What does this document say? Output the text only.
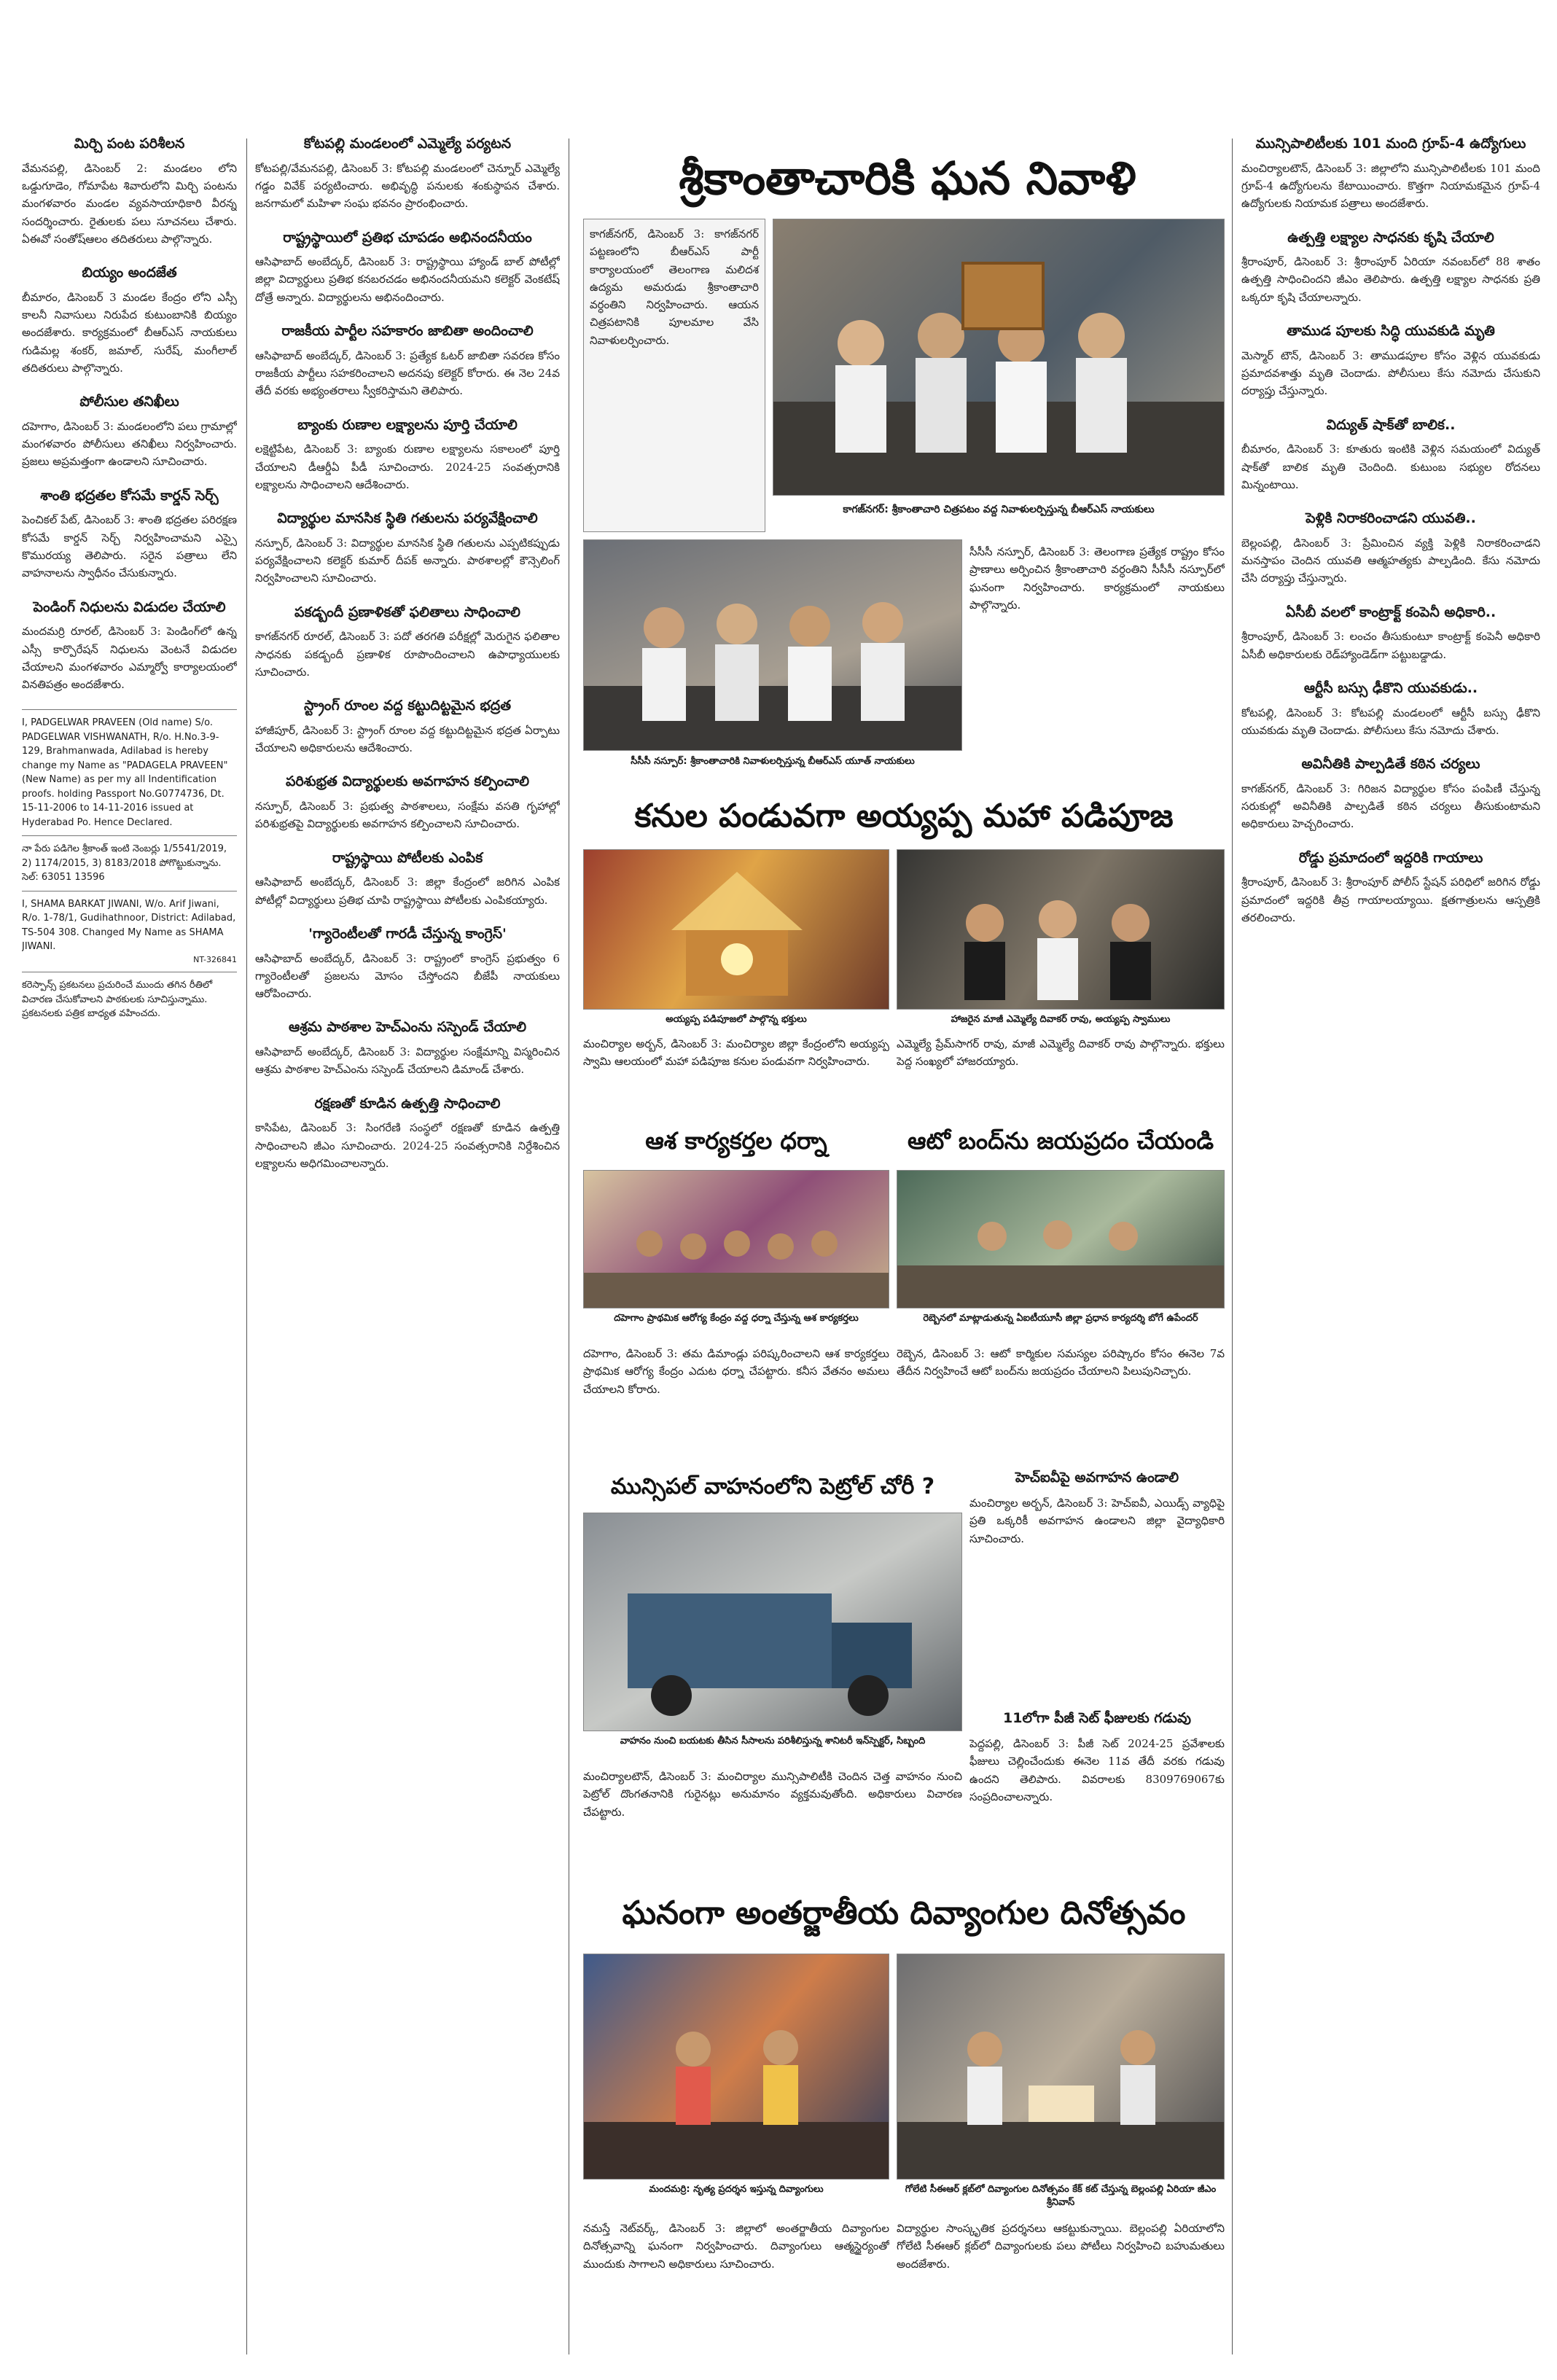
మిర్చి పంట పరిశీలన
వేమనపల్లి, డిసెంబర్ 2: మండలం లోని ఒడ్డుగూడెం, గోమాపేట శివారులోని మిర్చి పంటను మంగళవారం మండల వ్యవసాయాధికారి వీరన్న సందర్శించారు. రైతులకు పలు సూచనలు చేశారు. ఏఈవో సంతోష్‌ఆలం తదితరులు పాల్గొన్నారు.
బియ్యం అందజేత
బీమారం, డిసెంబర్ 3 మండల కేంద్రం లోని ఎస్సీ కాలనీ నివాసులు నిరుపేద కుటుంబానికి బియ్యం అందజేశారు. కార్యక్రమంలో బీఆర్ఎస్ నాయకులు గుడిమల్ల శంకర్, జమాల్, సురేష్, మంగీలాల్ తదితరులు పాల్గొన్నారు.
పోలీసుల తనిఖీలు
దహెగాం, డిసెంబర్ 3: మండలంలోని పలు గ్రామాల్లో మంగళవారం పోలీసులు తనిఖీలు నిర్వహించారు. ప్రజలు అప్రమత్తంగా ఉండాలని సూచించారు.
శాంతి భద్రతల కోసమే కార్డన్ సెర్చ్
పెంచికల్ పేట్, డిసెంబర్ 3: శాంతి భద్రతల పరిరక్షణ కోసమే కార్డన్ సెర్చ్ నిర్వహించామని ఎస్సై కొమురయ్య తెలిపారు. సరైన పత్రాలు లేని వాహనాలను స్వాధీనం చేసుకున్నారు.
పెండింగ్ నిధులను విడుదల చేయాలి
మందమర్రి రూరల్, డిసెంబర్ 3: పెండింగ్‌లో ఉన్న ఎస్సీ కార్పొరేషన్ నిధులను వెంటనే విడుదల చేయాలని మంగళవారం ఎమ్మార్వో కార్యాలయంలో వినతిపత్రం అందజేశారు.
I, PADGELWAR PRAVEEN (Old name) S/o. PADGELWAR VISHWANATH, R/o. H.No.3-9-129, Brahmanwada, Adilabad is hereby change my Name as "PADAGELA PRAVEEN" (New Name) as per my all Indentification proofs. holding Passport No.G0774736, Dt. 15-11-2006 to 14-11-2016 issued at Hyderabad Po. Hence Declared.
నా పేరు పడిగెల శ్రీకాంత్ ఇంటి నెంబర్లు 1/5541/2019, 2) 1174/2015, 3) 8183/2018 పోగొట్టుకున్నాను. సెల్: 63051 13596
I, SHAMA BARKAT JIWANI, W/o. Arif Jiwani, R/o. 1-78/1, Gudihathnoor, District: Adilabad, TS-504 308. Changed My Name as SHAMA JIWANI.
NT-326841
కరెస్పాన్స్ ప్రకటనలు ప్రచురించే ముందు తగిన రీతిలో విచారణ చేసుకోవాలని పాఠకులకు సూచిస్తున్నాము. ప్రకటనలకు పత్రిక బాధ్యత వహించదు.
కోటపల్లి మండలంలో ఎమ్మెల్యే పర్యటన
కోటపల్లి/వేమనపల్లి, డిసెంబర్ 3: కోటపల్లి మండలంలో చెన్నూర్ ఎమ్మెల్యే గడ్డం వివేక్ పర్యటించారు. అభివృద్ధి పనులకు శంకుస్థాపన చేశారు. జనగామలో మహిళా సంఘ భవనం ప్రారంభించారు.
రాష్ట్రస్థాయిలో ప్రతిభ చూపడం అభినందనీయం
ఆసిఫాబాద్ అంబేద్కర్, డిసెంబర్ 3: రాష్ట్రస్థాయి హ్యాండ్ బాల్ పోటీల్లో జిల్లా విద్యార్థులు ప్రతిభ కనబరచడం అభినందనీయమని కలెక్టర్ వెంకటేష్ దోత్రే అన్నారు. విద్యార్థులను అభినందించారు.
రాజకీయ పార్టీల సహకారం జాబితా అందించాలి
ఆసిఫాబాద్ అంబేద్కర్, డిసెంబర్ 3: ప్రత్యేక ఓటర్ జాబితా సవరణ కోసం రాజకీయ పార్టీలు సహకరించాలని అదనపు కలెక్టర్ కోరారు. ఈ నెల 24వ తేదీ వరకు అభ్యంతరాలు స్వీకరిస్తామని తెలిపారు.
బ్యాంకు రుణాల లక్ష్యాలను పూర్తి చేయాలి
లక్షెట్టిపేట, డిసెంబర్ 3: బ్యాంకు రుణాల లక్ష్యాలను సకాలంలో పూర్తి చేయాలని డీఆర్డీఏ పీడీ సూచించారు. 2024-25 సంవత్సరానికి లక్ష్యాలను సాధించాలని ఆదేశించారు.
విద్యార్థుల మానసిక స్థితి గతులను పర్యవేక్షించాలి
నస్పూర్, డిసెంబర్ 3: విద్యార్థుల మానసిక స్థితి గతులను ఎప్పటికప్పుడు పర్యవేక్షించాలని కలెక్టర్ కుమార్ దీపక్ అన్నారు. పాఠశాలల్లో కౌన్సెలింగ్ నిర్వహించాలని సూచించారు.
పకడ్బందీ ప్రణాళికతో ఫలితాలు సాధించాలి
కాగజ్‌నగర్ రూరల్, డిసెంబర్ 3: పదో తరగతి పరీక్షల్లో మెరుగైన ఫలితాల సాధనకు పకడ్బందీ ప్రణాళిక రూపొందించాలని ఉపాధ్యాయులకు సూచించారు.
స్ట్రాంగ్ రూంల వద్ద కట్టుదిట్టమైన భద్రత
హాజీపూర్, డిసెంబర్ 3: స్ట్రాంగ్ రూంల వద్ద కట్టుదిట్టమైన భద్రత ఏర్పాటు చేయాలని అధికారులను ఆదేశించారు.
పరిశుభ్రత విద్యార్థులకు అవగాహన కల్పించాలి
నస్పూర్, డిసెంబర్ 3: ప్రభుత్వ పాఠశాలలు, సంక్షేమ వసతి గృహాల్లో పరిశుభ్రతపై విద్యార్థులకు అవగాహన కల్పించాలని సూచించారు.
రాష్ట్రస్థాయి పోటీలకు ఎంపిక
ఆసిఫాబాద్ అంబేద్కర్, డిసెంబర్ 3: జిల్లా కేంద్రంలో జరిగిన ఎంపిక పోటీల్లో విద్యార్థులు ప్రతిభ చూపి రాష్ట్రస్థాయి పోటీలకు ఎంపికయ్యారు.
'గ్యారెంటీలతో గారడీ చేస్తున్న కాంగ్రెస్'
ఆసిఫాబాద్ అంబేద్కర్, డిసెంబర్ 3: రాష్ట్రంలో కాంగ్రెస్ ప్రభుత్వం 6 గ్యారెంటీలతో ప్రజలను మోసం చేస్తోందని బీజేపీ నాయకులు ఆరోపించారు.
ఆశ్రమ పాఠశాల హెచ్ఎంను సస్పెండ్ చేయాలి
ఆసిఫాబాద్ అంబేద్కర్, డిసెంబర్ 3: విద్యార్థుల సంక్షేమాన్ని విస్మరించిన ఆశ్రమ పాఠశాల హెచ్ఎంను సస్పెండ్ చేయాలని డిమాండ్ చేశారు.
రక్షణతో కూడిన ఉత్పత్తి సాధించాలి
కాసిపేట, డిసెంబర్ 3: సింగరేణి సంస్థలో రక్షణతో కూడిన ఉత్పత్తి సాధించాలని జీఎం సూచించారు. 2024-25 సంవత్సరానికి నిర్దేశించిన లక్ష్యాలను అధిగమించాలన్నారు.
మున్సిపాలిటీలకు 101 మంది గ్రూప్-4 ఉద్యోగులు
మంచిర్యాలటౌన్, డిసెంబర్ 3: జిల్లాలోని మున్సిపాలిటీలకు 101 మంది గ్రూప్-4 ఉద్యోగులను కేటాయించారు. కొత్తగా నియామకమైన గ్రూప్-4 ఉద్యోగులకు నియామక పత్రాలు అందజేశారు.
ఉత్పత్తి లక్ష్యాల సాధనకు కృషి చేయాలి
శ్రీరాంపూర్, డిసెంబర్ 3: శ్రీరాంపూర్ ఏరియా నవంబర్‌లో 88 శాతం ఉత్పత్తి సాధించిందని జీఎం తెలిపారు. ఉత్పత్తి లక్ష్యాల సాధనకు ప్రతి ఒక్కరూ కృషి చేయాలన్నారు.
తాముడ పూలకు సిద్ధి యువకుడి మృతి
మెస్మార్ టౌన్, డిసెంబర్ 3: తాముడపూల కోసం వెళ్లిన యువకుడు ప్రమాదవశాత్తు మృతి చెందాడు. పోలీసులు కేసు నమోదు చేసుకుని దర్యాప్తు చేస్తున్నారు.
విద్యుత్ షాక్‌తో బాలిక..
బీమారం, డిసెంబర్ 3: కూతురు ఇంటికి వెళ్లిన సమయంలో విద్యుత్ షాక్‌తో బాలిక మృతి చెందింది. కుటుంబ సభ్యుల రోదనలు మిన్నంటాయి.
పెళ్లికి నిరాకరించాడని యువతి..
బెల్లంపల్లి, డిసెంబర్ 3: ప్రేమించిన వ్యక్తి పెళ్లికి నిరాకరించాడని మనస్తాపం చెందిన యువతి ఆత్మహత్యకు పాల్పడింది. కేసు నమోదు చేసి దర్యాప్తు చేస్తున్నారు.
ఏసీబీ వలలో కాంట్రాక్ట్ కంపెనీ అధికారి..
శ్రీరాంపూర్, డిసెంబర్ 3: లంచం తీసుకుంటూ కాంట్రాక్ట్ కంపెనీ అధికారి ఏసీబీ అధికారులకు రెడ్‌హ్యాండెడ్‌గా పట్టుబడ్డాడు.
ఆర్టీసీ బస్సు ఢీకొని యువకుడు..
కోటపల్లి, డిసెంబర్ 3: కోటపల్లి మండలంలో ఆర్టీసీ బస్సు ఢీకొని యువకుడు మృతి చెందాడు. పోలీసులు కేసు నమోదు చేశారు.
అవినీతికి పాల్పడితే కఠిన చర్యలు
కాగజ్‌నగర్, డిసెంబర్ 3: గిరిజన విద్యార్థుల కోసం పంపిణీ చేస్తున్న సరుకుల్లో అవినీతికి పాల్పడితే కఠిన చర్యలు తీసుకుంటామని అధికారులు హెచ్చరించారు.
రోడ్డు ప్రమాదంలో ఇద్దరికి గాయాలు
శ్రీరాంపూర్, డిసెంబర్ 3: శ్రీరాంపూర్ పోలీస్ స్టేషన్ పరిధిలో జరిగిన రోడ్డు ప్రమాదంలో ఇద్దరికి తీవ్ర గాయాలయ్యాయి. క్షతగాత్రులను ఆస్పత్రికి తరలించారు.
శ్రీకాంతాచారికి ఘన నివాళి
కాగజ్‌నగర్, డిసెంబర్ 3: కాగజ్‌నగర్ పట్టణంలోని బీఆర్ఎస్ పార్టీ కార్యాలయంలో తెలంగాణ మలిదశ ఉద్యమ అమరుడు శ్రీకాంతాచారి వర్ధంతిని నిర్వహించారు. ఆయన చిత్రపటానికి పూలమాల వేసి నివాళులర్పించారు.
కాగజ్‌నగర్: శ్రీకాంతాచారి చిత్రపటం వద్ద నివాళులర్పిస్తున్న బీఆర్ఎస్ నాయకులు
సీసీసీ నస్పూర్: శ్రీకాంతాచారికి నివాళులర్పిస్తున్న బీఆర్ఎస్ యూత్ నాయకులు
సీసీసీ నస్పూర్, డిసెంబర్ 3: తెలంగాణ ప్రత్యేక రాష్ట్రం కోసం ప్రాణాలు అర్పించిన శ్రీకాంతాచారి వర్ధంతిని సీసీసీ నస్పూర్‌లో ఘనంగా నిర్వహించారు. కార్యక్రమంలో నాయకులు పాల్గొన్నారు.
కనుల పండువగా అయ్యప్ప మహా పడిపూజ
అయ్యప్ప పడిపూజలో పాల్గొన్న భక్తులు	హాజరైన మాజీ ఎమ్మెల్యే దివాకర్ రావు, అయ్యప్ప స్వాములు
మంచిర్యాల అర్బన్, డిసెంబర్ 3: మంచిర్యాల జిల్లా కేంద్రంలోని అయ్యప్ప స్వామి ఆలయంలో మహా పడిపూజ కనుల పండువగా నిర్వహించారు.
ఎమ్మెల్యే ప్రేమ్‌సాగర్ రావు, మాజీ ఎమ్మెల్యే దివాకర్ రావు పాల్గొన్నారు. భక్తులు పెద్ద సంఖ్యలో హాజరయ్యారు.
ఆశ కార్యకర్తల ధర్నా	ఆటో బంద్‌ను జయప్రదం చేయండి
దహెగాం ప్రాథమిక ఆరోగ్య కేంద్రం వద్ద ధర్నా చేస్తున్న ఆశ కార్యకర్తలు	రెబ్బెనలో మాట్లాడుతున్న ఏఐటీయూసీ జిల్లా ప్రధాన కార్యదర్శి బోగే ఉపేందర్
దహెగాం, డిసెంబర్ 3: తమ డిమాండ్లు పరిష్కరించాలని ఆశ కార్యకర్తలు ప్రాథమిక ఆరోగ్య కేంద్రం ఎదుట ధర్నా చేపట్టారు. కనీస వేతనం అమలు చేయాలని కోరారు.
రెబ్బెన, డిసెంబర్ 3: ఆటో కార్మికుల సమస్యల పరిష్కారం కోసం ఈనెల 7వ తేదీన నిర్వహించే ఆటో బంద్‌ను జయప్రదం చేయాలని పిలుపునిచ్చారు.
మున్సిపల్ వాహనంలోని పెట్రోల్ చోరీ ?
వాహనం నుంచి బయటకు తీసిన సీసాలను పరిశీలిస్తున్న శానిటరీ ఇన్‌స్పెక్టర్, సిబ్బంది
మంచిర్యాలటౌన్, డిసెంబర్ 3: మంచిర్యాల మున్సిపాలిటీకి చెందిన చెత్త వాహనం నుంచి పెట్రోల్ దొంగతనానికి గురైనట్లు అనుమానం వ్యక్తమవుతోంది. అధికారులు విచారణ చేపట్టారు.
హెచ్ఐవీపై అవగాహన ఉండాలి
మంచిర్యాల అర్బన్, డిసెంబర్ 3: హెచ్ఐవీ, ఎయిడ్స్ వ్యాధిపై ప్రతి ఒక్కరికీ అవగాహన ఉండాలని జిల్లా వైద్యాధికారి సూచించారు.
11లోగా పీజీ సెట్ ఫీజులకు గడువు
పెద్దపల్లి, డిసెంబర్ 3: పీజీ సెట్ 2024-25 ప్రవేశాలకు ఫీజులు చెల్లించేందుకు ఈనెల 11వ తేదీ వరకు గడువు ఉందని తెలిపారు. వివరాలకు 8309769067కు సంప్రదించాలన్నారు.
ఘనంగా అంతర్జాతీయ దివ్యాంగుల దినోత్సవం
మందమర్రి: నృత్య ప్రదర్శన ఇస్తున్న దివ్యాంగులు	గోలేటి సీఈఆర్ క్లబ్‌లో దివ్యాంగుల దినోత్సవం కేక్ కట్ చేస్తున్న బెల్లంపల్లి ఏరియా జీఎం శ్రీనివాస్
నమస్తే నెట్‌వర్క్, డిసెంబర్ 3: జిల్లాలో అంతర్జాతీయ దివ్యాంగుల దినోత్సవాన్ని ఘనంగా నిర్వహించారు. దివ్యాంగులు ఆత్మస్థైర్యంతో ముందుకు సాగాలని అధికారులు సూచించారు.
విద్యార్థుల సాంస్కృతిక ప్రదర్శనలు ఆకట్టుకున్నాయి. బెల్లంపల్లి ఏరియాలోని గోలేటి సీఈఆర్ క్లబ్‌లో దివ్యాంగులకు పలు పోటీలు నిర్వహించి బహుమతులు అందజేశారు.
